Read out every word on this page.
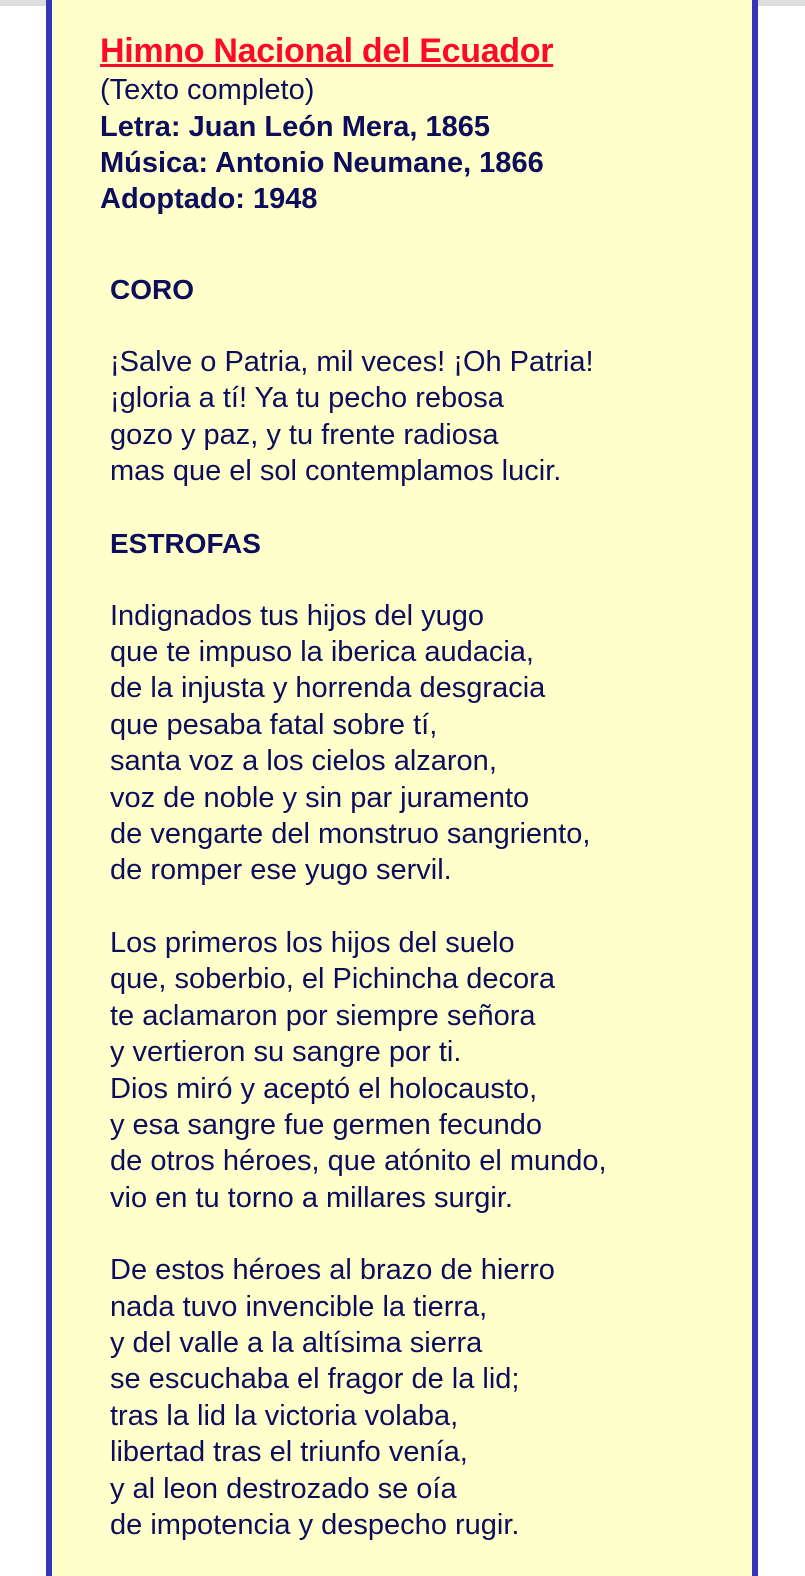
Himno Nacional del Ecuador

(Texto completo)

Letra: Juan León Mera, 1865

Música: Antonio Neumane, 1866

Adoptado: 1948

CORO

¡Salve o Patria, mil veces! ¡Oh Patria!

¡gloria a tí! Ya tu pecho rebosa

gozo y paz, y tu frente radiosa

mas que el sol contemplamos lucir.

ESTROFAS

Indignados tus hijos del yugo

que te impuso la iberica audacia,

de la injusta y horrenda desgracia

que pesaba fatal sobre tí,

santa voz a los cielos alzaron,

voz de noble y sin par juramento

de vengarte del monstruo sangriento,

de romper ese yugo servil.

Los primeros los hijos del suelo

que, soberbio, el Pichincha decora

te aclamaron por siempre señora

y vertieron su sangre por ti.

Dios miró y aceptó el holocausto,

y esa sangre fue germen fecundo

de otros héroes, que atónito el mundo,

vio en tu torno a millares surgir.

De estos héroes al brazo de hierro

nada tuvo invencible la tierra,

y del valle a la altísima sierra

se escuchaba el fragor de la lid;

tras la lid la victoria volaba,

libertad tras el triunfo venía,

y al leon destrozado se oía

de impotencia y despecho rugir.
